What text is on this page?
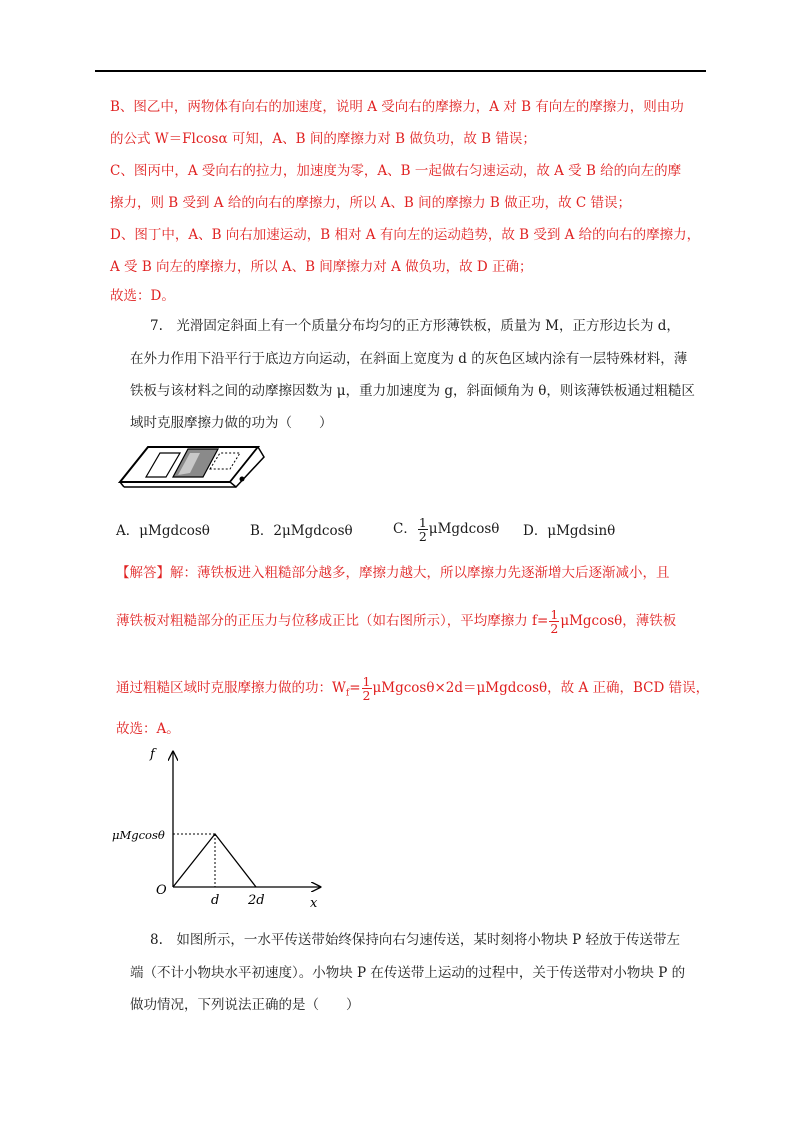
B、图乙中，两物体有向右的加速度，说明 A 受向右的摩擦力，A 对 B 有向左的摩擦力，则由功
的公式 W＝Flcosα 可知，A、B 间的摩擦力对 B 做负功，故 B 错误；
C、图丙中，A 受向右的拉力，加速度为零，A、B 一起做右匀速运动，故 A 受 B 给的向左的摩
擦力，则 B 受到 A 给的向右的摩擦力，所以 A、B 间的摩擦力 B 做正功，故 C 错误；
D、图丁中，A、B 向右加速运动，B 相对 A 有向左的运动趋势，故 B 受到 A 给的向右的摩擦力，
A 受 B 向左的摩擦力，所以 A、B 间摩擦力对 A 做负功，故 D 正确；
故选：D。
7.　光滑固定斜面上有一个质量分布均匀的正方形薄铁板，质量为 M，正方形边长为 d，
在外力作用下沿平行于底边方向运动，在斜面上宽度为 d 的灰色区域内涂有一层特殊材料，薄
铁板与该材料之间的动摩擦因数为 μ，重力加速度为 g，斜面倾角为 θ，则该薄铁板通过粗糙区
域时克服摩擦力做的功为（　　）
A．μMgdcosθ	B．2μMgdcosθ	C． $\frac{1}{2}$ μMgdcosθ D．μMgdsinθ
【解答】解：薄铁板进入粗糙部分越多，摩擦力越大，所以摩擦力先逐渐增大后逐渐减小，且
薄铁板对粗糙部分的正压力与位移成正比（如右图所示），平均摩擦力 $f= \frac{1}{2}$ μMgcosθ，薄铁板
通过粗糙区域时克服摩擦力做的功：$W_f= \frac{1}{2} \mu Mgcos\theta\times 2d=\mu Mgdcos\theta$，故 A 正确，BCD 错误，
故选：A。
f
x
O
μMgcosθ
d 2d
8.　如图所示，一水平传送带始终保持向右匀速传送，某时刻将小物块 P 轻放于传送带左
端（不计小物块水平初速度）。小物块 P 在传送带上运动的过程中，关于传送带对小物块 P 的
做功情况，下列说法正确的是（　　）
